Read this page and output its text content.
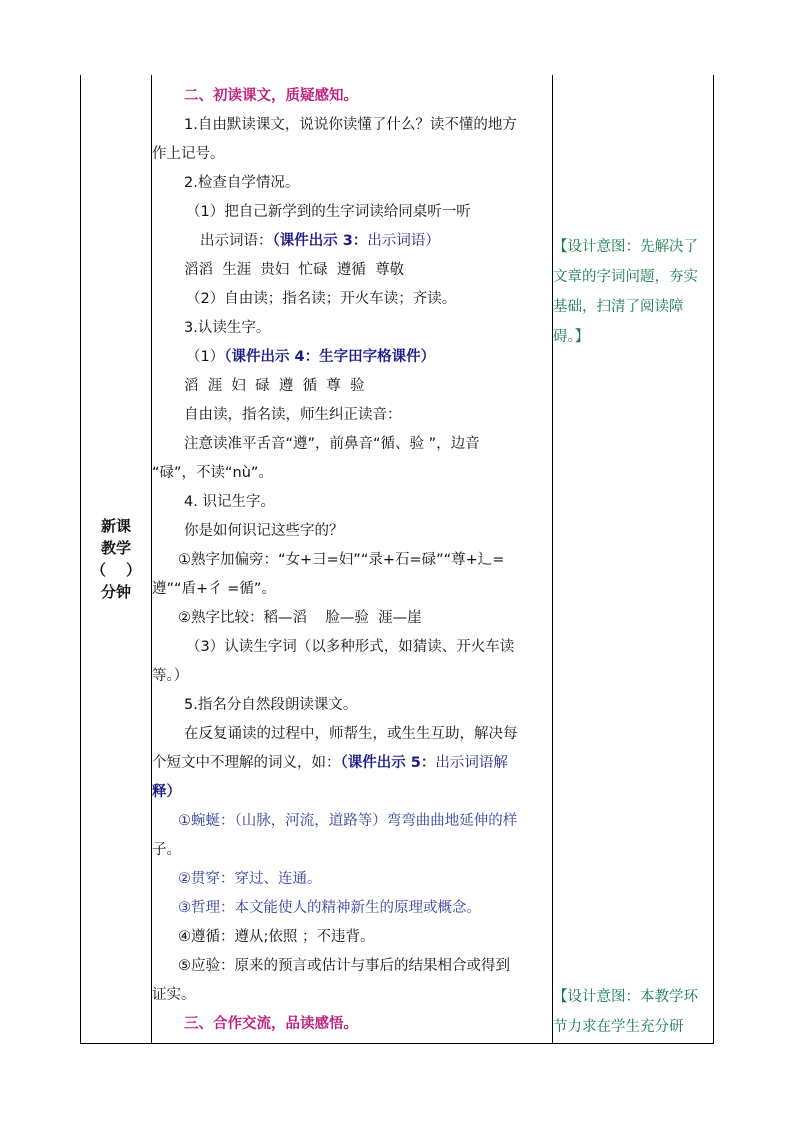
新课
教学
（ ）
分钟
二、初读课文，质疑感知。
1.自由默读课文，说说你读懂了什么？读不懂的地方
作上记号。
2.检查自学情况。
（1）把自己新学到的生字词读给同桌听一听
出示词语：（课件出示 3：出示词语）
滔滔  生涯  贵妇  忙碌  遵循  尊敬
（2）自由读；指名读；开火车读；齐读。
3.认读生字。
（1）（课件出示 4：生字田字格课件）
滔  涯  妇  碌  遵  循  尊  验
自由读，指名读，师生纠正读音：
注意读准平舌音“遵”，前鼻音“循、验 ”，边音
“碌”，不读“nù”。
4. 识记生字。
你是如何识记这些字的？
①熟字加偏旁：“女+彐=妇”“录+石=碌”“尊+辶=
遵”“盾+彳 =循”。
②熟字比较：稻—滔    脸—验  涯—崖
（3）认读生字词（以多种形式，如猜读、开火车读
等。）
5.指名分自然段朗读课文。
在反复诵读的过程中，师帮生，或生生互助，解决每
个短文中不理解的词义，如：（课件出示 5：出示词语解
释）
①蜿蜒：（山脉，河流，道路等）弯弯曲曲地延伸的样
子。
②贯穿：穿过、连通。
③哲理：本文能使人的精神新生的原理或概念。
④遵循：遵从;依照 ；不违背。
⑤应验：原来的预言或估计与事后的结果相合或得到
证实。
三、合作交流，品读感悟。
【设计意图：先解决了
文章的字词问题，夯实
基础，扫清了阅读障
碍。】
【设计意图：本教学环
节力求在学生充分研
